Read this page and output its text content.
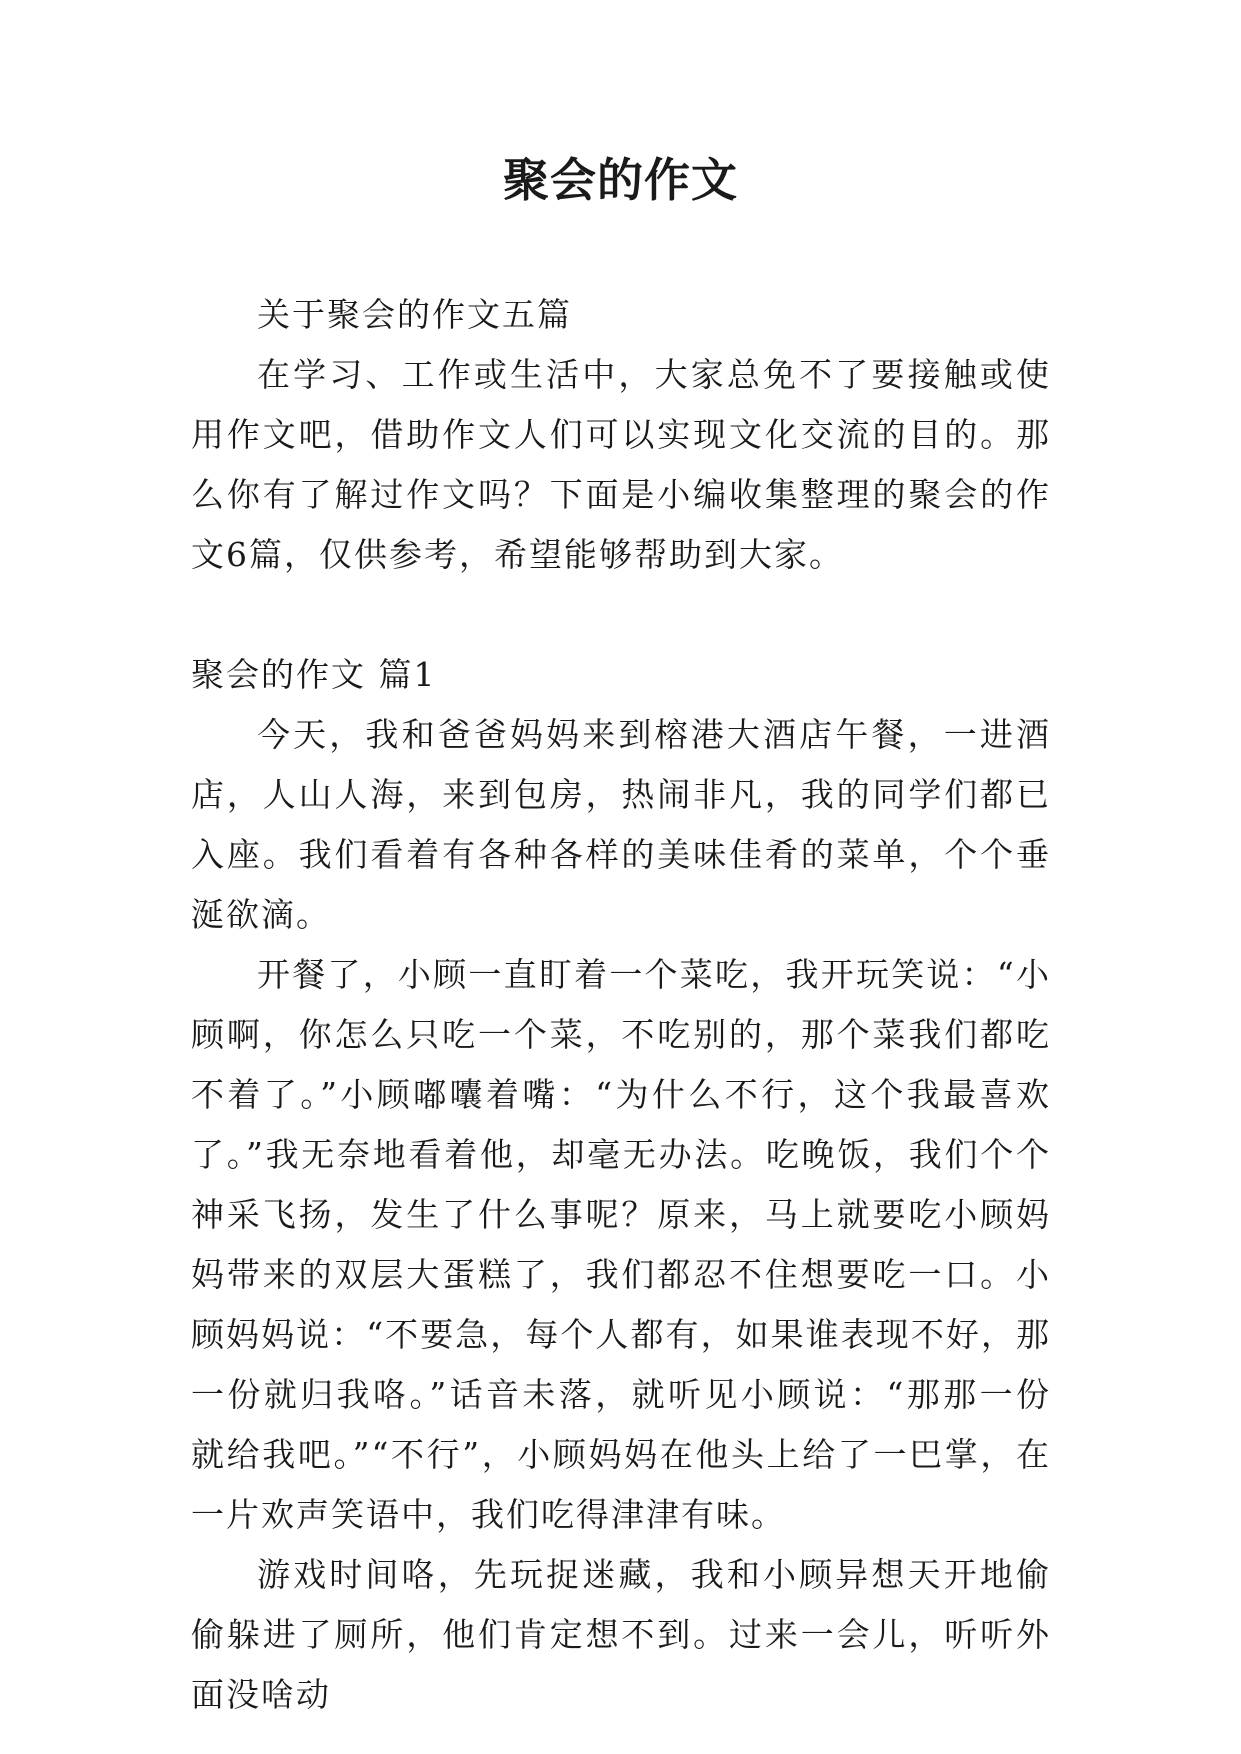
聚会的作文

关于聚会的作文五篇

在学习、工作或生活中，大家总免不了要接触或使用作文吧，借助作文人们可以实现文化交流的目的。那么你有了解过作文吗？下面是小编收集整理的聚会的作文6篇，仅供参考，希望能够帮助到大家。

聚会的作文 篇1

今天，我和爸爸妈妈来到榕港大酒店午餐，一进酒店，人山人海，来到包房，热闹非凡，我的同学们都已入座。我们看着有各种各样的美味佳肴的菜单，个个垂涎欲滴。

开餐了，小顾一直盯着一个菜吃，我开玩笑说：“小顾啊，你怎么只吃一个菜，不吃别的，那个菜我们都吃不着了。”小顾嘟囔着嘴：“为什么不行，这个我最喜欢了。”我无奈地看着他，却毫无办法。吃晚饭，我们个个神采飞扬，发生了什么事呢？原来，马上就要吃小顾妈妈带来的双层大蛋糕了，我们都忍不住想要吃一口。小顾妈妈说：“不要急，每个人都有，如果谁表现不好，那一份就归我咯。”话音未落，就听见小顾说：“那那一份就给我吧。”“不行”，小顾妈妈在他头上给了一巴掌，在一片欢声笑语中，我们吃得津津有味。

游戏时间咯，先玩捉迷藏，我和小顾异想天开地偷偷躲进了厕所，他们肯定想不到。过来一会儿，听听外面没啥动
